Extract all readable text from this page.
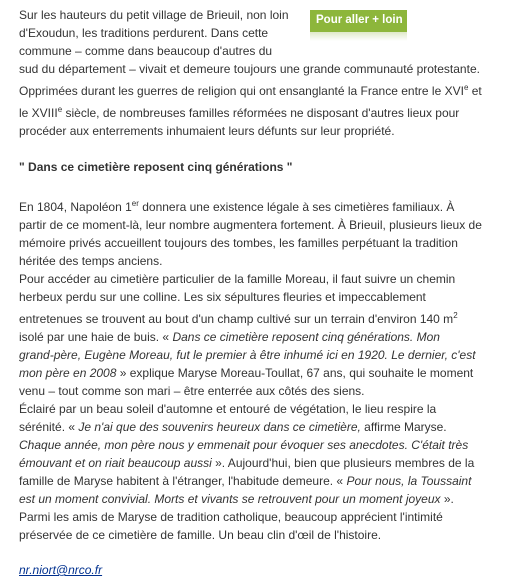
Pour aller + loin
Sur les hauteurs du petit village de Brieuil, non loin
d'Exoudun, les traditions perdurent. Dans cette
commune – comme dans beaucoup d'autres du
sud du département – vivait et demeure toujours une grande communauté protestante.
Opprimées durant les guerres de religion qui ont ensanglanté la France entre le XVIe et
le XVIIIe siècle, de nombreuses familles réformées ne disposant d'autres lieux pour
procéder aux enterrements inhumaient leurs défunts sur leur propriété.
" Dans ce cimetière reposent cinq générations "
En 1804, Napoléon 1er donnera une existence légale à ses cimetières familiaux. À
partir de ce moment-là, leur nombre augmentera fortement. À Brieuil, plusieurs lieux de
mémoire privés accueillent toujours des tombes, les familles perpétuant la tradition
héritée des temps anciens.
Pour accéder au cimetière particulier de la famille Moreau, il faut suivre un chemin
herbeux perdu sur une colline. Les six sépultures fleuries et impeccablement
entretenues se trouvent au bout d'un champ cultivé sur un terrain d'environ 140 $m^2$
isolé par une haie de buis. « Dans ce cimetière reposent cinq générations. Mon
grand-père, Eugène Moreau, fut le premier à être inhumé ici en 1920. Le dernier, c'est
mon père en 2008 » explique Maryse Moreau-Toullat, 67 ans, qui souhaite le moment
venu – tout comme son mari – être enterrée aux côtés des siens.
Éclairé par un beau soleil d'automne et entouré de végétation, le lieu respire la
sérénité. « Je n'ai que des souvenirs heureux dans ce cimetière, affirme Maryse.
Chaque année, mon père nous y emmenait pour évoquer ses anecdotes. C'était très
émouvant et on riait beaucoup aussi ». Aujourd'hui, bien que plusieurs membres de la
famille de Maryse habitent à l'étranger, l'habitude demeure. « Pour nous, la Toussaint
est un moment convivial. Morts et vivants se retrouvent pour un moment joyeux ».
Parmi les amis de Maryse de tradition catholique, beaucoup apprécient l'intimité
préservée de ce cimetière de famille. Un beau clin d'œil de l'histoire.
nr.niort@nrco.fr
